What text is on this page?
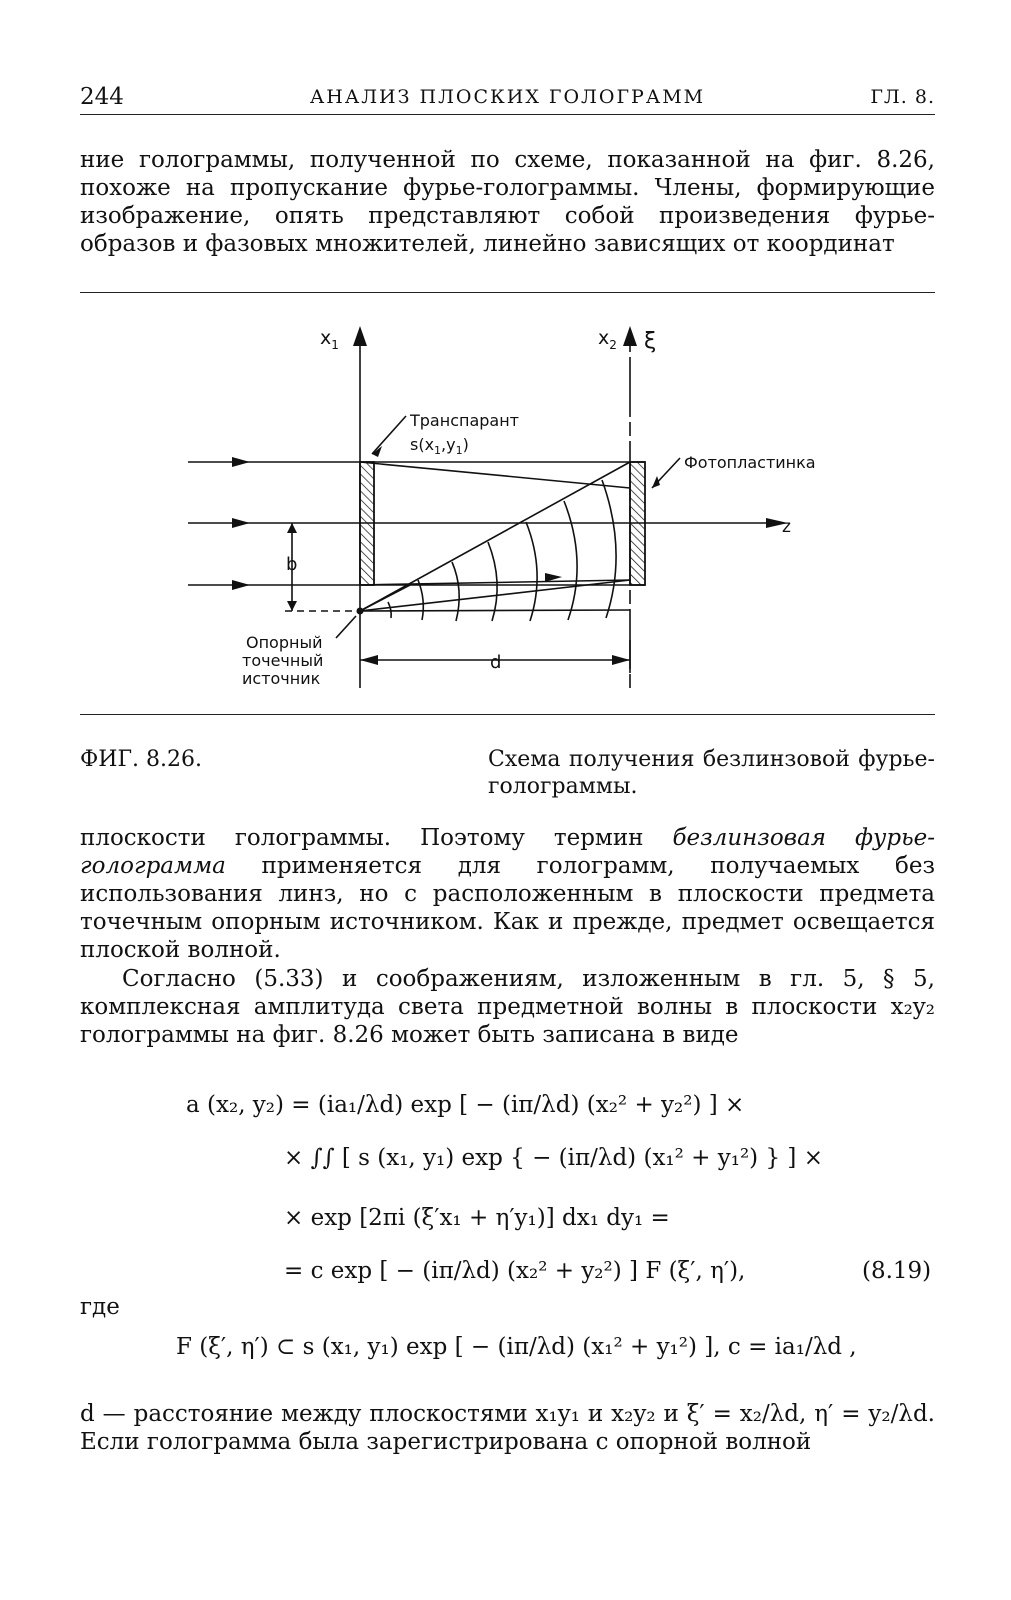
244	АНАЛИЗ ПЛОСКИХ ГОЛОГРАММ	ГЛ. 8.

ние голограммы, полученной по схеме, показанной на фиг. 8.26, похоже на пропускание фурье-голограммы. Члены, формирующие изображение, опять представляют собой произведения фурье-образов и фазовых множителей, линейно зависящих от координат

$x_1$	$x_2$ ξ
z
b
d
Транспарант
$s(x_1,y_1)$
Фотопластинка
Опорный
точечный
источник
ФИГ. 8.26.	Схема получения безлинзовой фурье-
голограммы.

плоскости голограммы. Поэтому термин безлинзовая фурье-голограмма применяется для голограмм, получаемых без использования линз, но с расположенным в плоскости предмета точечным опорным источником. Как и прежде, предмет освещается плоской волной.

Согласно (5.33) и соображениям, изложенным в гл. 5, § 5, комплексная амплитуда света предметной волны в плоскости x₂y₂ голограммы на фиг. 8.26 может быть записана в виде

a (x₂, y₂) = (ia₁/λd) exp [ − (iπ/λd) (x₂² + y₂²) ] ×
× ∫∫ [ s (x₁, y₁) exp { − (iπ/λd) (x₁² + y₁²) } ] ×
× exp [2πi (ξ′x₁ + η′y₁)] dx₁ dy₁ =
= c exp [ − (iπ/λd) (x₂² + y₂²) ] F (ξ′, η′),	(8.19)
где
F (ξ′, η′) ⊂ s (x₁, y₁) exp [ − (iπ/λd) (x₁² + y₁²) ], c = ia₁/λd ,

d — расстояние между плоскостями x₁y₁ и x₂y₂ и ξ′ = x₂/λd, η′ = y₂/λd. Если голограмма была зарегистрирована с опорной волной
